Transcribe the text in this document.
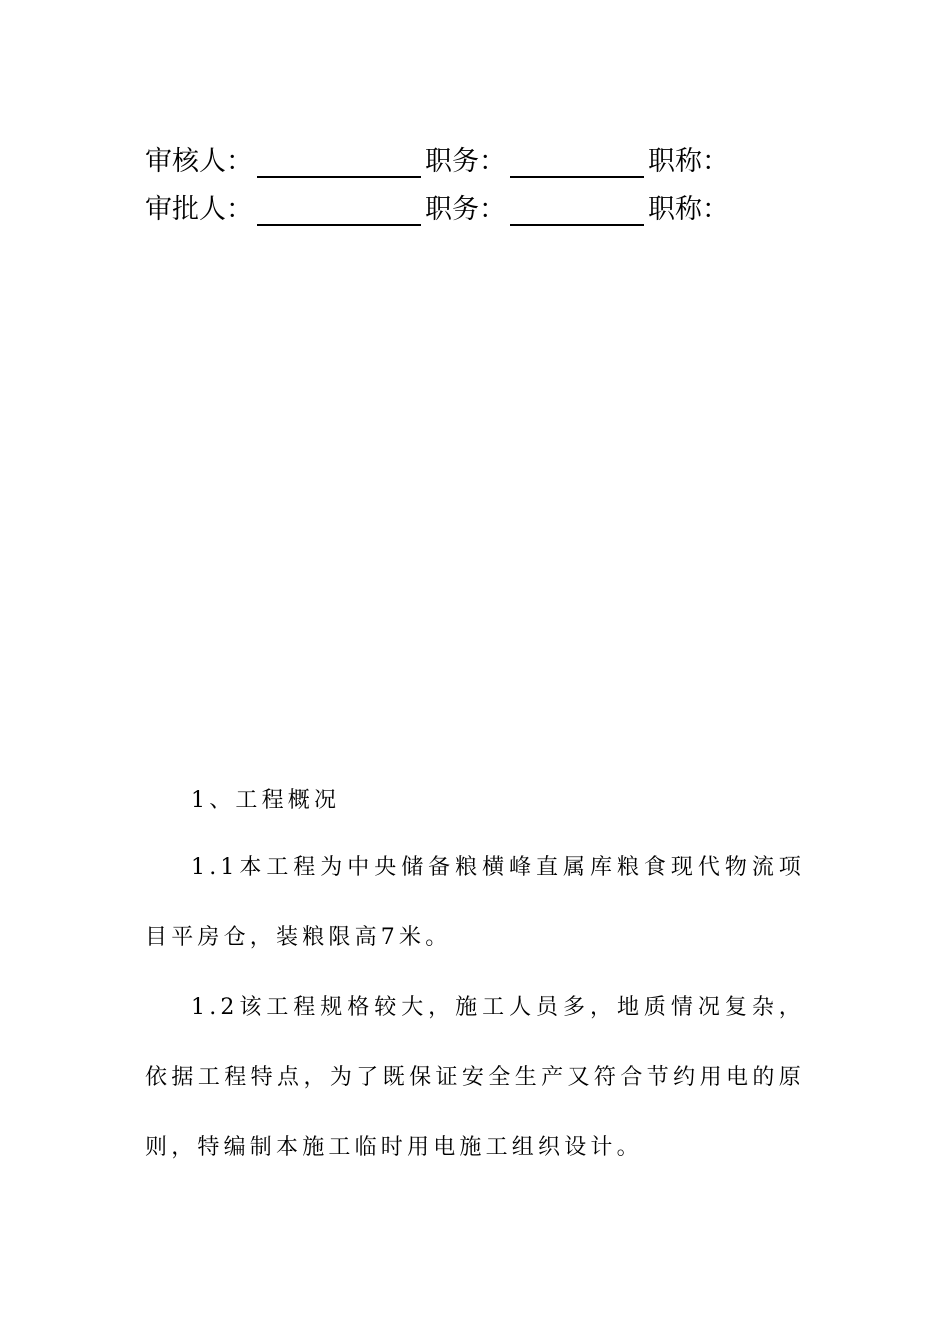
审核人：	职务：	职称：
审批人：	职务：	职称：

1、工程概况

1.1本工程为中央储备粮横峰直属库粮食现代物流项目平房仓，装粮限高7米。

1.2该工程规格较大，施工人员多，地质情况复杂，依据工程特点，为了既保证安全生产又符合节约用电的原则，特编制本施工临时用电施工组织设计。
